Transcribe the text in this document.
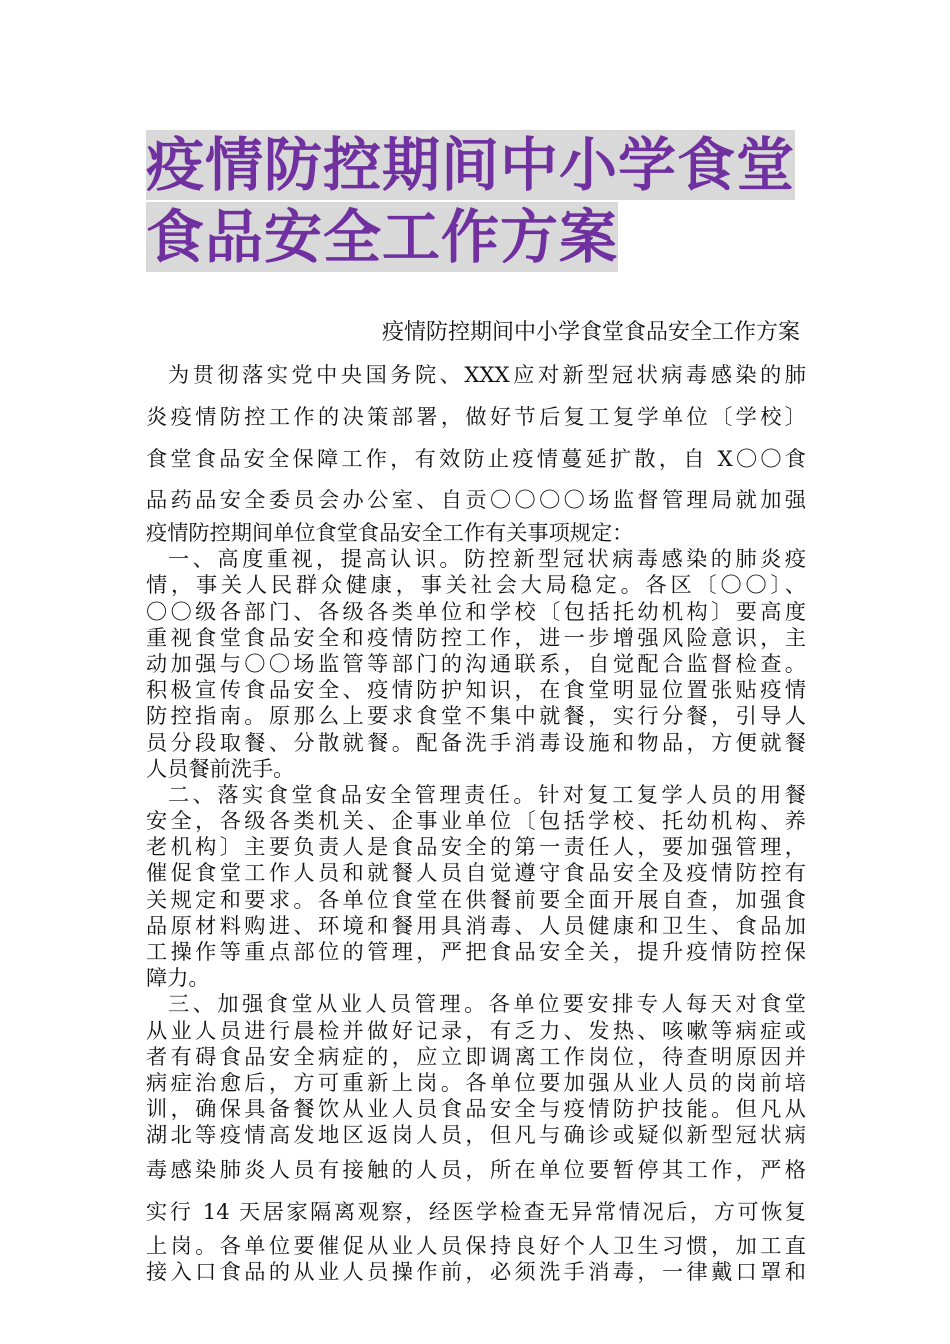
疫情防控期间中小学食堂
食品安全工作方案
疫情防控期间中小学食堂食品安全工作方案
为贯彻落实党中央国务院、XXX应对新型冠状病毒感染的肺
炎疫情防控工作的决策部署，做好节后复工复学单位〔学校〕
食堂食品安全保障工作，有效防止疫情蔓延扩散，自 X〇〇食
品药品安全委员会办公室、自贡〇〇〇〇场监督管理局就加强
疫情防控期间单位食堂食品安全工作有关事项规定：
一、高度重视，提高认识。防控新型冠状病毒感染的肺炎疫
情，事关人民群众健康，事关社会大局稳定。各区〔〇〇〕、
〇〇级各部门、各级各类单位和学校〔包括托幼机构〕要高度
重视食堂食品安全和疫情防控工作，进一步增强风险意识，主
动加强与〇〇场监管等部门的沟通联系，自觉配合监督检查。
积极宣传食品安全、疫情防护知识，在食堂明显位置张贴疫情
防控指南。原那么上要求食堂不集中就餐，实行分餐，引导人
员分段取餐、分散就餐。配备洗手消毒设施和物品，方便就餐
人员餐前洗手。
二、落实食堂食品安全管理责任。针对复工复学人员的用餐
安全，各级各类机关、企事业单位〔包括学校、托幼机构、养
老机构〕主要负责人是食品安全的第一责任人，要加强管理，
催促食堂工作人员和就餐人员自觉遵守食品安全及疫情防控有
关规定和要求。各单位食堂在供餐前要全面开展自查，加强食
品原材料购进、环境和餐用具消毒、人员健康和卫生、食品加
工操作等重点部位的管理，严把食品安全关，提升疫情防控保
障力。
三、加强食堂从业人员管理。各单位要安排专人每天对食堂
从业人员进行晨检并做好记录，有乏力、发热、咳嗽等病症或
者有碍食品安全病症的，应立即调离工作岗位，待查明原因并
病症治愈后，方可重新上岗。各单位要加强从业人员的岗前培
训，确保具备餐饮从业人员食品安全与疫情防护技能。但凡从
湖北等疫情高发地区返岗人员，但凡与确诊或疑似新型冠状病
毒感染肺炎人员有接触的人员，所在单位要暂停其工作，严格
实行 14 天居家隔离观察，经医学检查无异常情况后，方可恢复
上岗。各单位要催促从业人员保持良好个人卫生习惯，加工直
接入口食品的从业人员操作前，必须洗手消毒，一律戴口罩和
